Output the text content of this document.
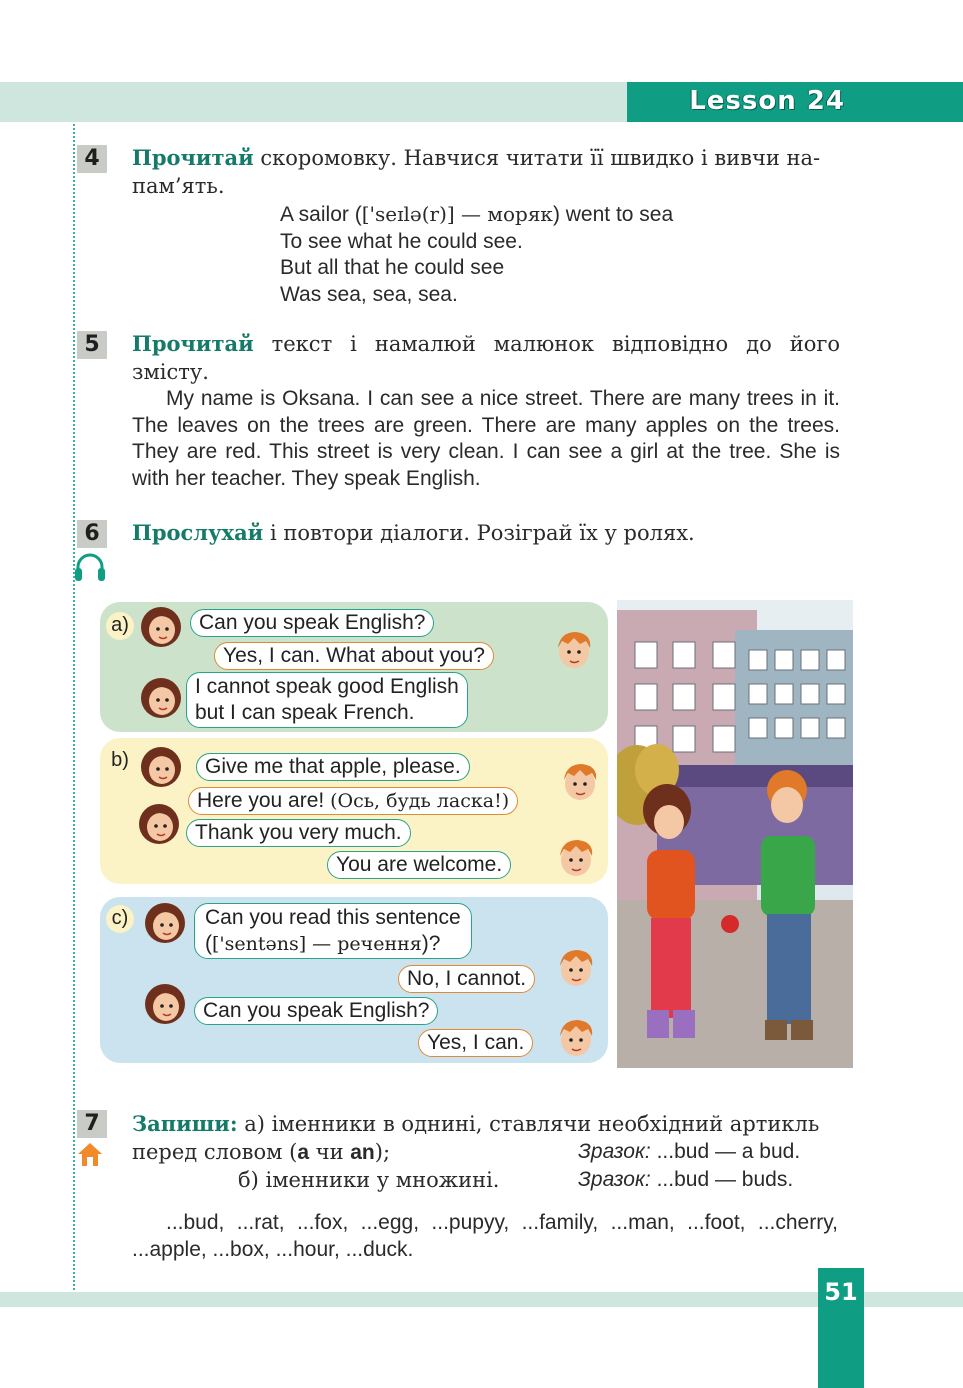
Lesson 24
4	Прочитай скоромовку. Навчися читати її швидко і вивчи на-
пам’ять.
A sailor (['seɪlə(r)] — моряк) went to sea
To see what he could see.
But all that he could see
Was sea, sea, sea.
5	Прочитай текст і намалюй малюнок відповідно до його
змісту.
My name is Oksana. I can see a nice street. There are many trees in it. The leaves on the trees are green. There are many apples on the trees. They are red. This street is very clean. I can see a girl at the tree. She is with her teacher. They speak English.
6	Прослухай і повтори діалоги. Розіграй їх у ролях.
a)	Can you speak English?
Yes, I can. What about you?
I cannot speak good English
but I can speak French.
b)	Give me that apple, please.
Here you are! (Ось, будь ласка!)
Thank you very much.
You are welcome.
c)	Can you read this sentence
(['sentəns] — речення)?
No, I cannot.
Can you speak English?
Yes, I can.
7	Запиши: а) іменники в однині, ставлячи необхідний артикль
перед словом (a чи an);	Зразок: ...bud — a bud.
б) іменники у множині.	Зразок: ...bud — buds.
...bud, ...rat, ...fox, ...egg, ...pupyy, ...family, ...man, ...foot, ...cherry, ...apple, ...box, ...hour, ...duck.
51
